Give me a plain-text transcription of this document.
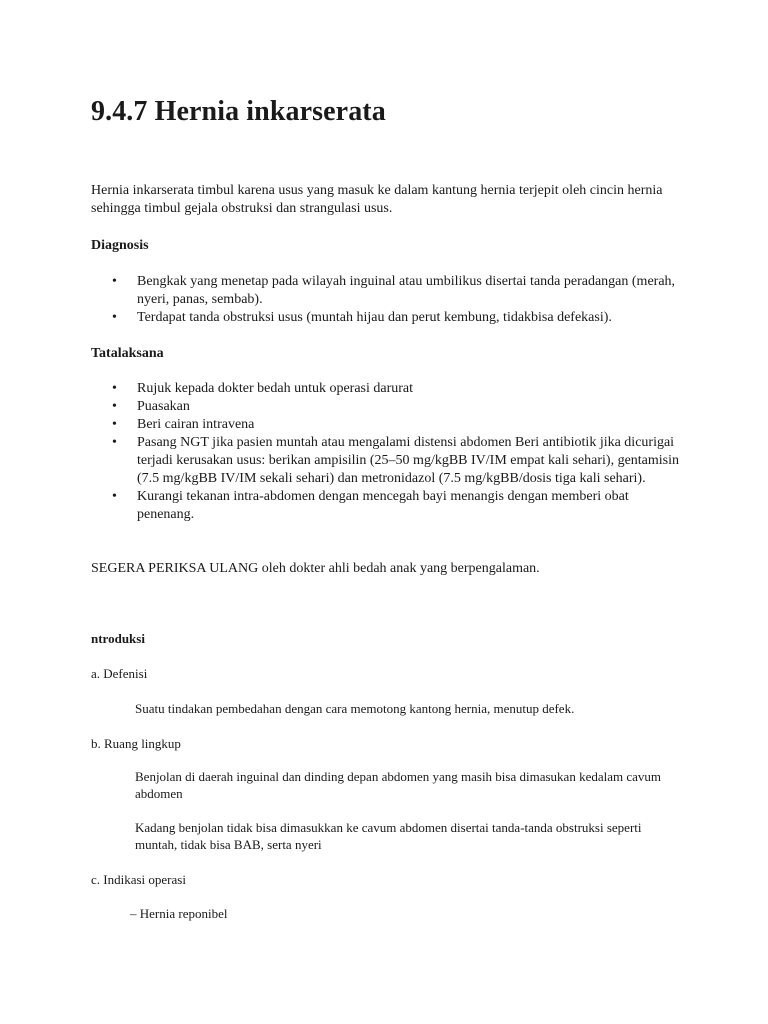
9.4.7 Hernia inkarserata

Hernia inkarserata timbul karena usus yang masuk ke dalam kantung hernia terjepit oleh cincin hernia sehingga timbul gejala obstruksi dan strangulasi usus.

Diagnosis

• Bengkak yang menetap pada wilayah inguinal atau umbilikus disertai tanda peradangan (merah, nyeri, panas, sembab).
• Terdapat tanda obstruksi usus (muntah hijau dan perut kembung, tidakbisa defekasi).

Tatalaksana

• Rujuk kepada dokter bedah untuk operasi darurat
• Puasakan
• Beri cairan intravena
• Pasang NGT jika pasien muntah atau mengalami distensi abdomen Beri antibiotik jika dicurigai terjadi kerusakan usus: berikan ampisilin (25–50 mg/kgBB IV/IM empat kali sehari), gentamisin (7.5 mg/kgBB IV/IM sekali sehari) dan metronidazol (7.5 mg/kgBB/dosis tiga kali sehari).
• Kurangi tekanan intra-abdomen dengan mencegah bayi menangis dengan memberi obat penenang.

SEGERA PERIKSA ULANG oleh dokter ahli bedah anak yang berpengalaman.

ntroduksi

a. Defenisi

Suatu tindakan pembedahan dengan cara memotong kantong hernia, menutup defek.

b. Ruang lingkup

Benjolan di daerah inguinal dan dinding depan abdomen yang masih bisa dimasukan kedalam cavum abdomen

Kadang benjolan tidak bisa dimasukkan ke cavum abdomen disertai tanda-tanda obstruksi seperti muntah, tidak bisa BAB, serta nyeri

c. Indikasi operasi

– Hernia reponibel
